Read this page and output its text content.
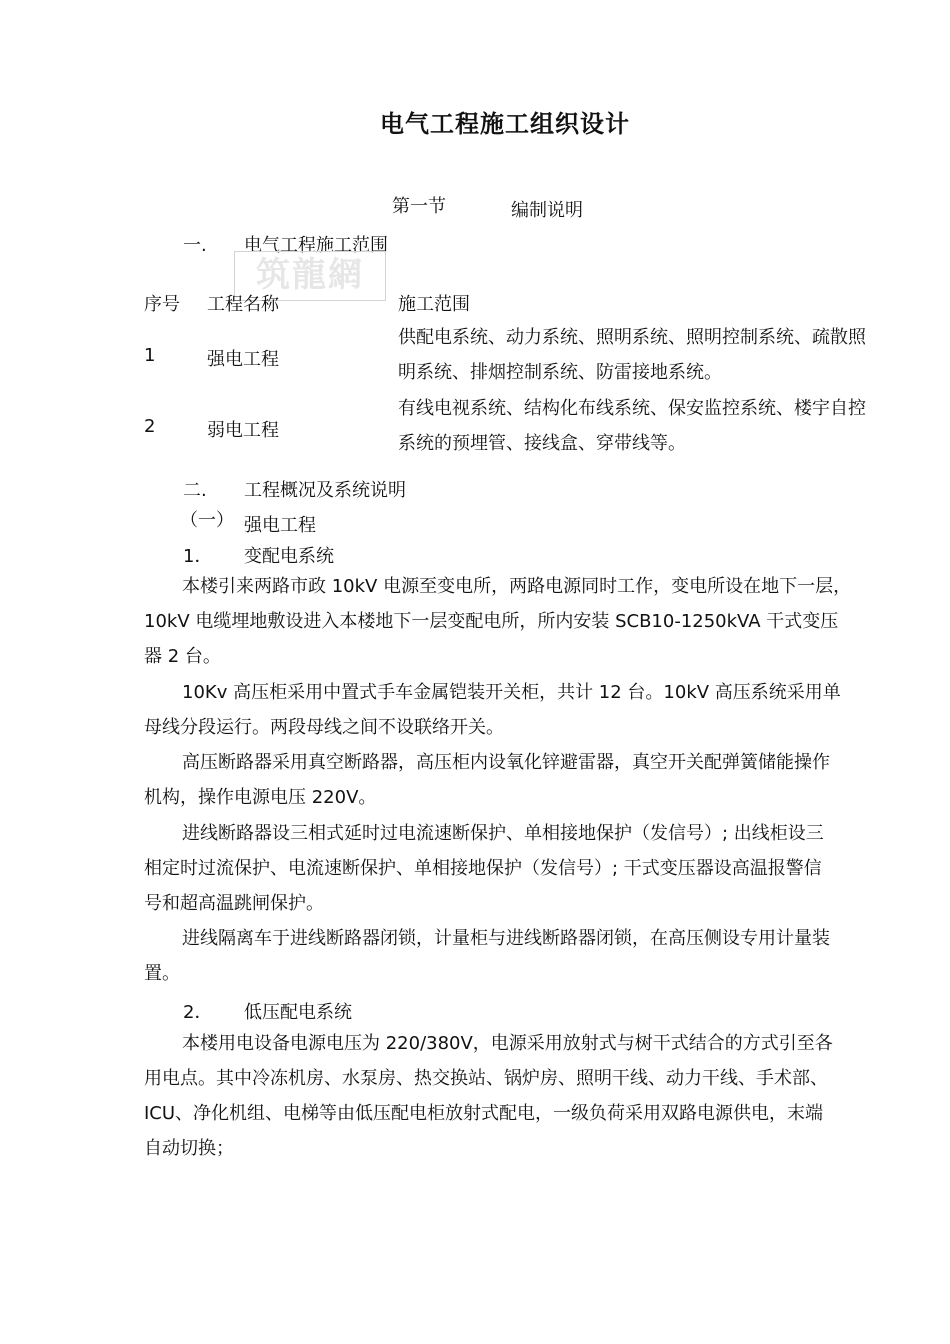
电气工程施工组织设计
第一节	编制说明
一. 电气工程施工范围
筑龍網
序号 工程名称	施工范围
1	强电工程
供配电系统、动力系统、照明系统、照明控制系统、疏散照
明系统、排烟控制系统、防雷接地系统。
2	弱电工程
有线电视系统、结构化布线系统、保安监控系统、楼宇自控
系统的预埋管、接线盒、穿带线等。
二. 工程概况及系统说明
（一） 强电工程
1． 变配电系统
本楼引来两路市政 10kV 电源至变电所，两路电源同时工作，变电所设在地下一层，
10kV 电缆埋地敷设进入本楼地下一层变配电所，所内安装 SCB10-1250kVA 干式变压
器 2 台。
10Kv 高压柜采用中置式手车金属铠装开关柜，共计 12 台。10kV 高压系统采用单
母线分段运行。两段母线之间不设联络开关。
高压断路器采用真空断路器，高压柜内设氧化锌避雷器，真空开关配弹簧储能操作
机构，操作电源电压 220V。
进线断路器设三相式延时过电流速断保护、单相接地保护（发信号）; 出线柜设三
相定时过流保护、电流速断保护、单相接地保护（发信号）; 干式变压器设高温报警信
号和超高温跳闸保护。
进线隔离车于进线断路器闭锁，计量柜与进线断路器闭锁，在高压侧设专用计量装
置。
2． 低压配电系统
本楼用电设备电源电压为 220/380V，电源采用放射式与树干式结合的方式引至各
用电点。其中冷冻机房、水泵房、热交换站、锅炉房、照明干线、动力干线、手术部、
ICU、净化机组、电梯等由低压配电柜放射式配电，一级负荷采用双路电源供电，末端
自动切换；
